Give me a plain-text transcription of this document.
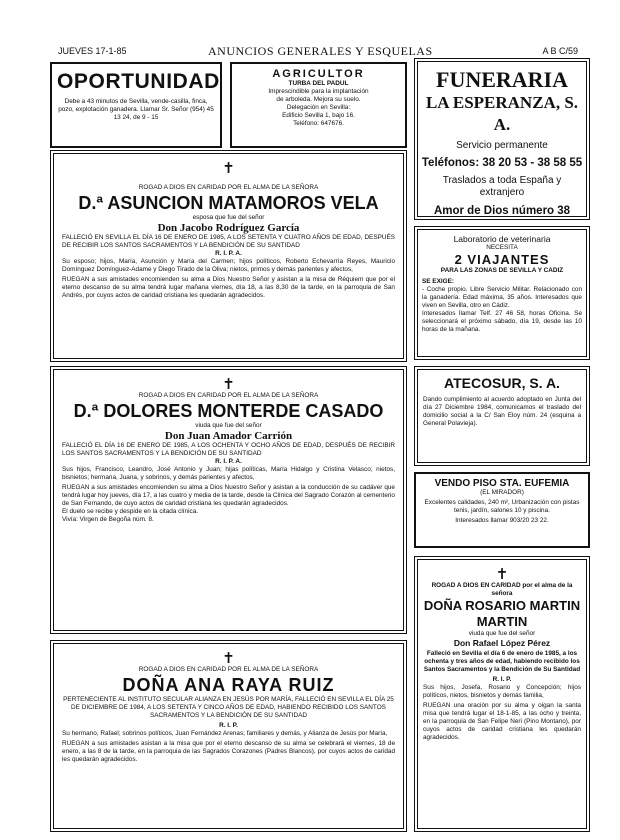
JUEVES 17-1-85	ANUNCIOS GENERALES Y ESQUELAS	A B C/59

OPORTUNIDAD

Debe a 43 minutos de Sevilla, vende-casilla, finca, pozo, explotación ganadera. Llamar Sr. Señor (954) 45 13 24, de 9 - 15

AGRICULTOR

TURBA DEL PADUL

Imprescindible para la implantación

de arboleda. Mejora su suelo.

Delegación en Sevilla:

Edificio Sevilla 1, bajo 16.

Teléfono: 647676.

FUNERARIA

LA ESPERANZA, S. A.

Servicio permanente

Teléfonos: 38 20 53 - 38 58 55

Traslados a toda España y extranjero

Amor de Dios número 38

✝

ROGAD A DIOS EN CARIDAD POR EL ALMA DE LA SEÑORA

D.ª ASUNCION MATAMOROS VELA

esposa que fue del señor

Don Jacobo Rodríguez García

FALLECIÓ EN SEVILLA EL DÍA 16 DE ENERO DE 1985, A LOS SETENTA Y CUATRO AÑOS DE EDAD, DESPUÉS DE RECIBIR LOS SANTOS SACRAMENTOS Y LA BENDICIÓN DE SU SANTIDAD

R. I. P. A.

Su esposo; hijos, María, Asunción y María del Carmen; hijos políticos, Roberto Echevarría Reyes, Mauricio Domínguez Domínguez-Adame y Diego Tirado de la Oliva; nietos, primos y demás parientes y afectos,

RUEGAN a sus amistades encomienden su alma a Dios Nuestro Señor y asistan a la misa de Réquiem que por el eterno descanso de su alma tendrá lugar mañana viernes, día 18, a las 8,30 de la tarde, en la parroquia de San Andrés, por cuyos actos de caridad cristiana les quedarán agradecidos.

✝

ROGAD A DIOS EN CARIDAD POR EL ALMA DE LA SEÑORA

D.ª DOLORES MONTERDE CASADO

viuda que fue del señor

Don Juan Amador Carrión

FALLECIÓ EL DÍA 16 DE ENERO DE 1985, A LOS OCHENTA Y OCHO AÑOS DE EDAD, DESPUÉS DE RECIBIR LOS SANTOS SACRAMENTOS Y LA BENDICIÓN DE SU SANTIDAD

R. I. P. A.

Sus hijos, Francisco, Leandro, José Antonio y Juan; hijas políticas, María Hidalgo y Cristina Velasco; nietos, bisnietos; hermana, Juana, y sobrinos, y demás parientes y afectos,

RUEGAN a sus amistades encomienden su alma a Dios Nuestro Señor y asistan a la conducción de su cadáver que tendrá lugar hoy jueves, día 17, a las cuatro y media de la tarde, desde la Clínica del Sagrado Corazón al cementerio de San Fernando, de cuyo actos de caridad cristiana les quedarán agradecidos.

El duelo se recibe y despide en la citada clínica.

Vivía: Virgen de Begoña núm. 8.

✝

ROGAD A DIOS EN CARIDAD POR EL ALMA DE LA SEÑORA

DOÑA ANA RAYA RUIZ

PERTENECIENTE AL INSTITUTO SECULAR ALIANZA EN JESÚS POR MARÍA, FALLECIÓ EN SEVILLA EL DÍA 25 DE DICIEMBRE DE 1984, A LOS SETENTA Y CINCO AÑOS DE EDAD, HABIENDO RECIBIDO LOS SANTOS SACRAMENTOS Y LA BENDICIÓN DE SU SANTIDAD

R. I. P.

Su hermano, Rafael; sobrinos políticos, Juan Fernández Arenas; familiares y demás, y Alianza de Jesús por María,

RUEGAN a sus amistades asistan a la misa que por el eterno descanso de su alma se celebrará el viernes, 18 de enero, a las 8 de la tarde, en la parroquia de las Sagrados Corazones (Padres Blancos), por cuyos actos de caridad les quedarán agradecidos.

Laboratorio de veterinaria

NECESITA

2 VIAJANTES

PARA LAS ZONAS DE SEVILLA Y CADIZ

SE EXIGE:

- Coche propio. Libre Servicio Militar. Relacionado con la ganadería. Edad máxima, 35 años. Interesados que viven en Sevilla, otro en Cádiz.

Interesados llamar Telf. 27 46 58, horas Oficina. Se seleccionará el próximo sábado, día 19, desde las 10 horas de la mañana.

ATECOSUR, S. A.

Dando cumplimiento al acuerdo adoptado en Junta del día 27 Diciembre 1984, comunicamos el traslado del domicilio social a la C/ San Eloy núm. 24 (esquina a General Polavieja).

VENDO PISO STA. EUFEMIA

(EL MIRADOR)

Excelentes calidades, 240 m², Urbanización con pistas tenis, jardín, salones 10 y piscina.

Interesados llamar 903/20 23 22.

✝

ROGAD A DIOS EN CARIDAD por el alma de la señora

DOÑA ROSARIO MARTIN

MARTIN

viuda que fue del señor

Don Rafael López Pérez

Falleció en Sevilla el día 6 de enero de 1985, a los ochenta y tres años de edad, habiendo recibido los Santos Sacramentos y la Bendición de Su Santidad

R. I. P.

Sus hijos, Josefa, Rosario y Concepción; hijos políticos, nietos, bisnietos y demás familia,

RUEGAN una oración por su alma y oigan la santa misa que tendrá lugar el 18-1-85, a las ocho y treinta, en la parroquia de San Felipe Neri (Pino Montano), por cuyos actos de caridad cristiana les quedarán agradecidos.
